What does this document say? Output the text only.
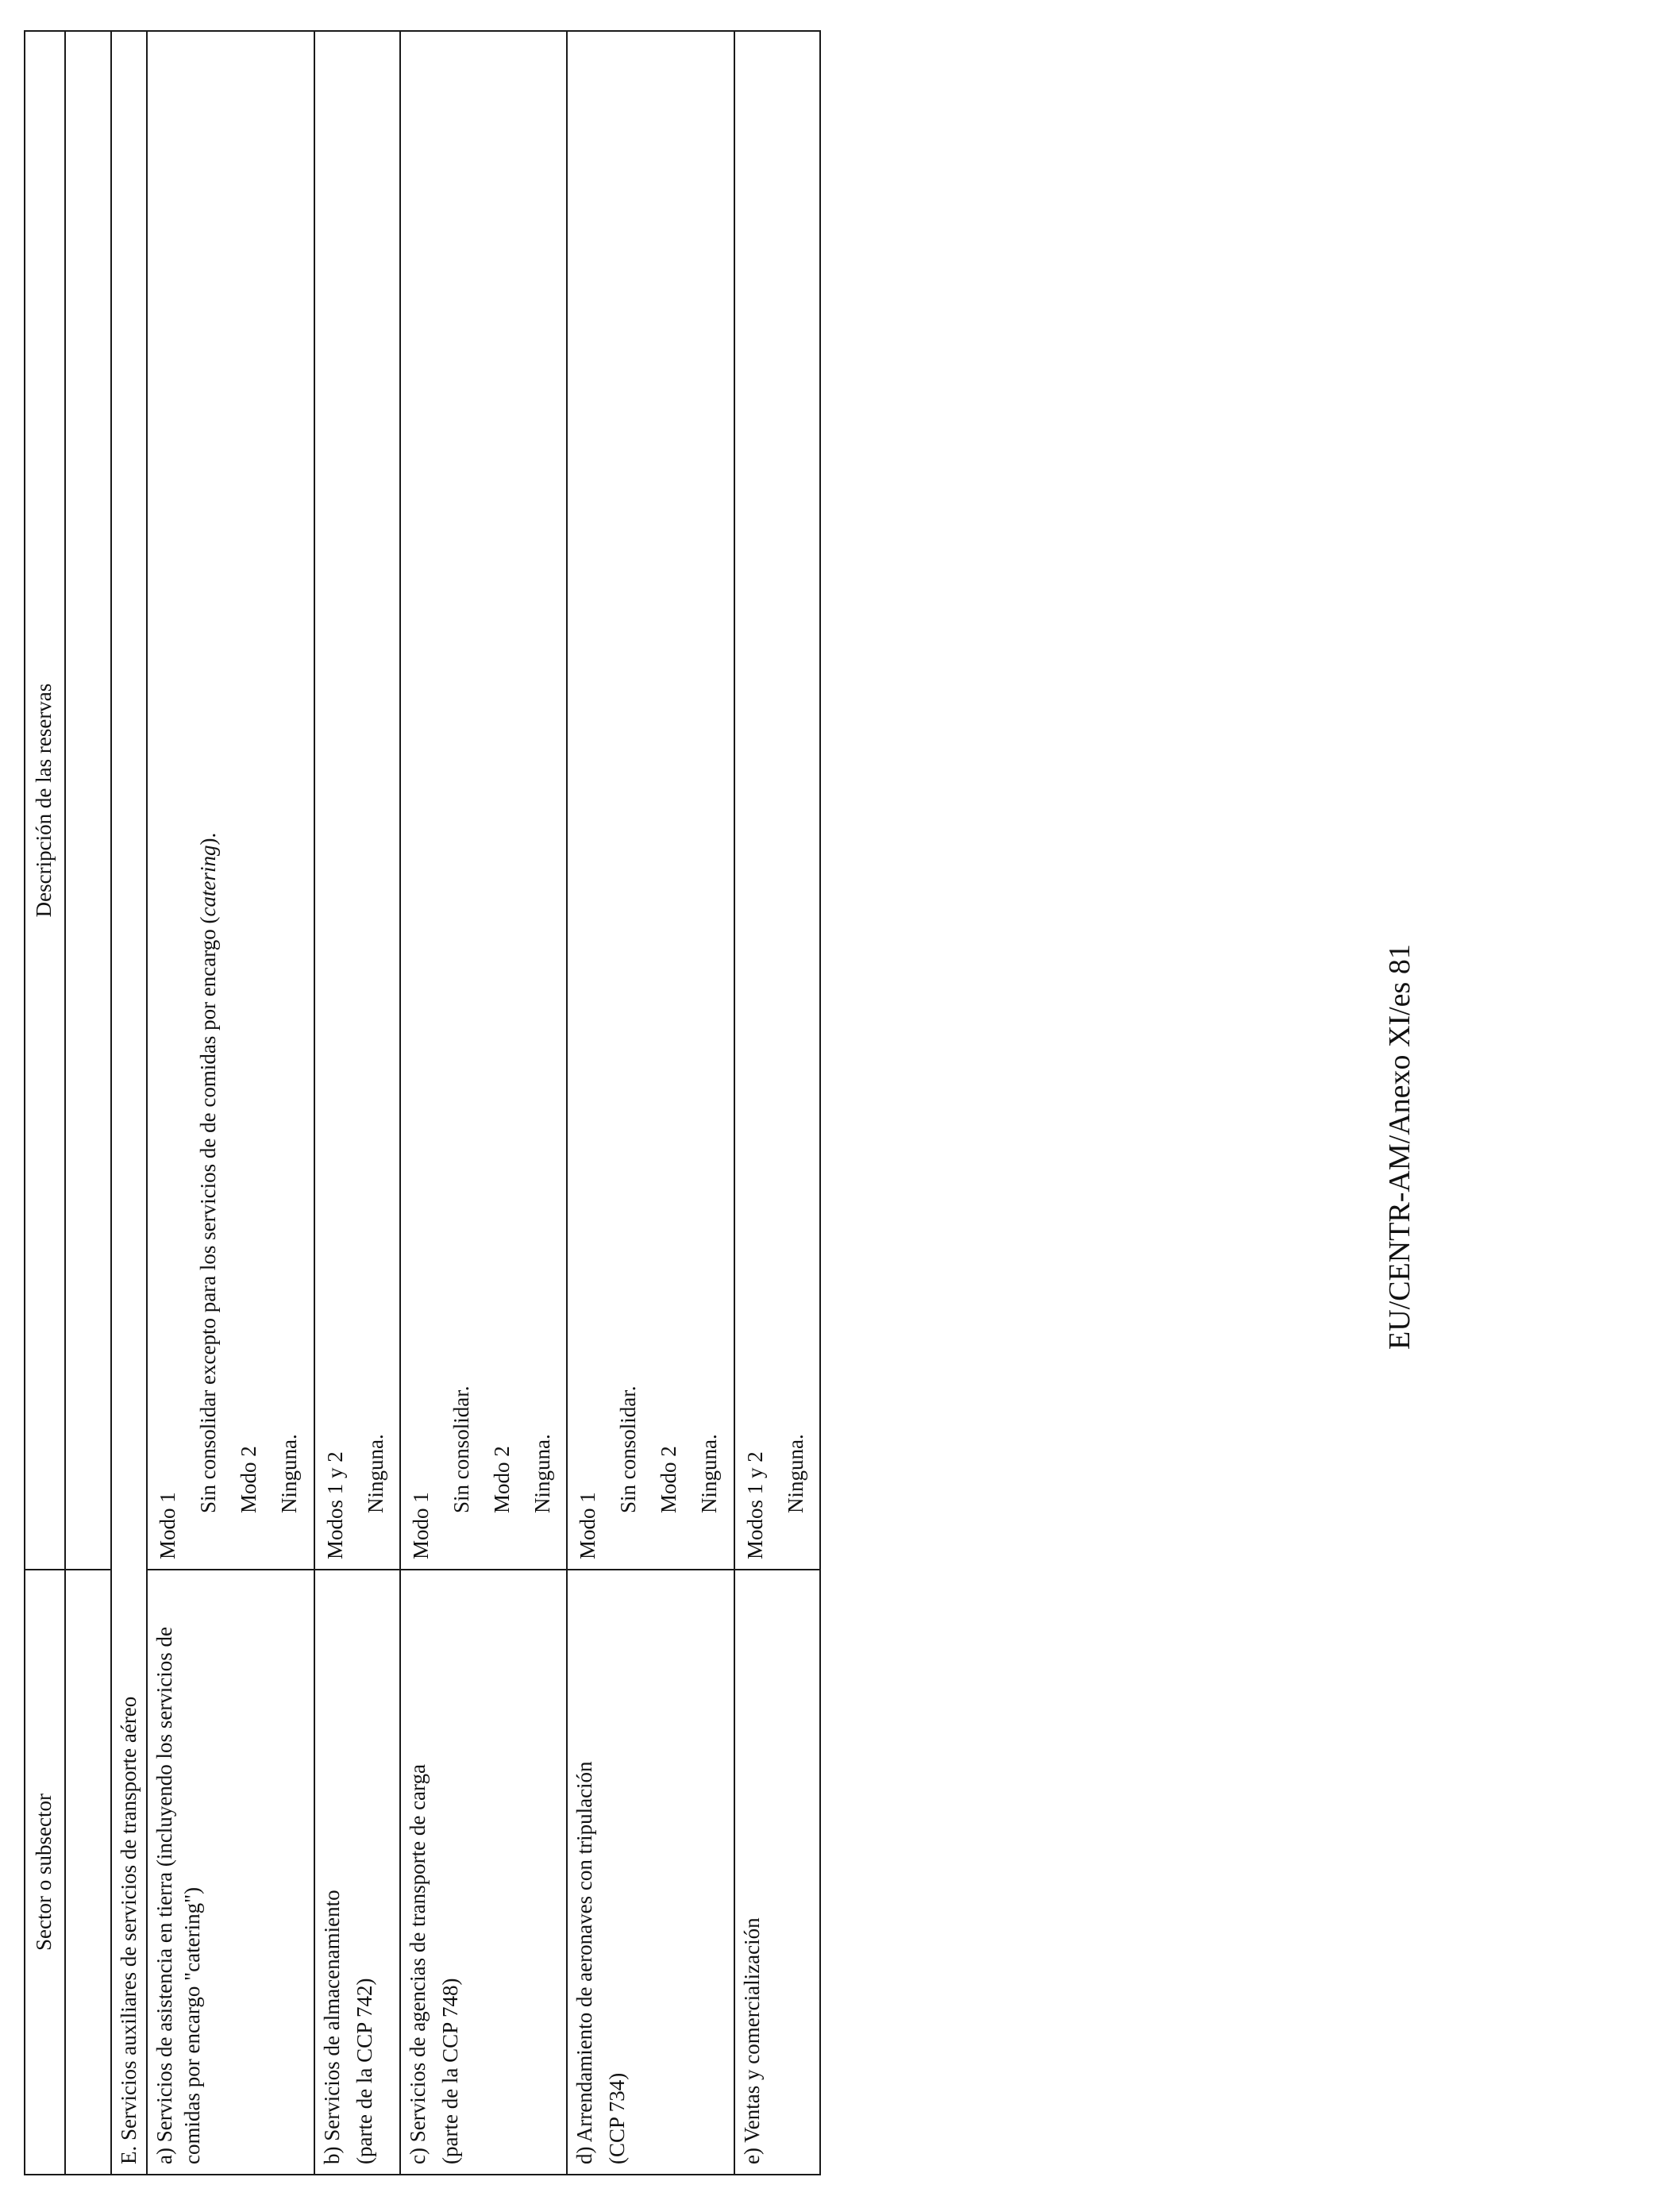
Sector o subsector	Descripción de las reservas

E. Servicios auxiliares de servicios de transporte aéreo	

a) Servicios de asistencia en tierra (incluyendo los servicios de comidas por encargo "catering")	Modo 1
Sin consolidar excepto para los servicios de de comidas por encargo (catering).
Modo 2 Ninguna.

b) Servicios de almacenamiento (parte de la CCP 742)	Modos 1 y 2 Ninguna.

c) Servicios de agencias de transporte de carga (parte de la CCP 748)	Modo 1
Sin consolidar. Modo 2 Ninguna.

d) Arrendamiento de aeronaves con tripulación (CCP 734)	Modo 1
Sin consolidar. Modo 2 Ninguna.

e) Ventas y comercialización	Modos 1 y 2 Ninguna.
EU/CENTR-AM/Anexo XI/es 81
